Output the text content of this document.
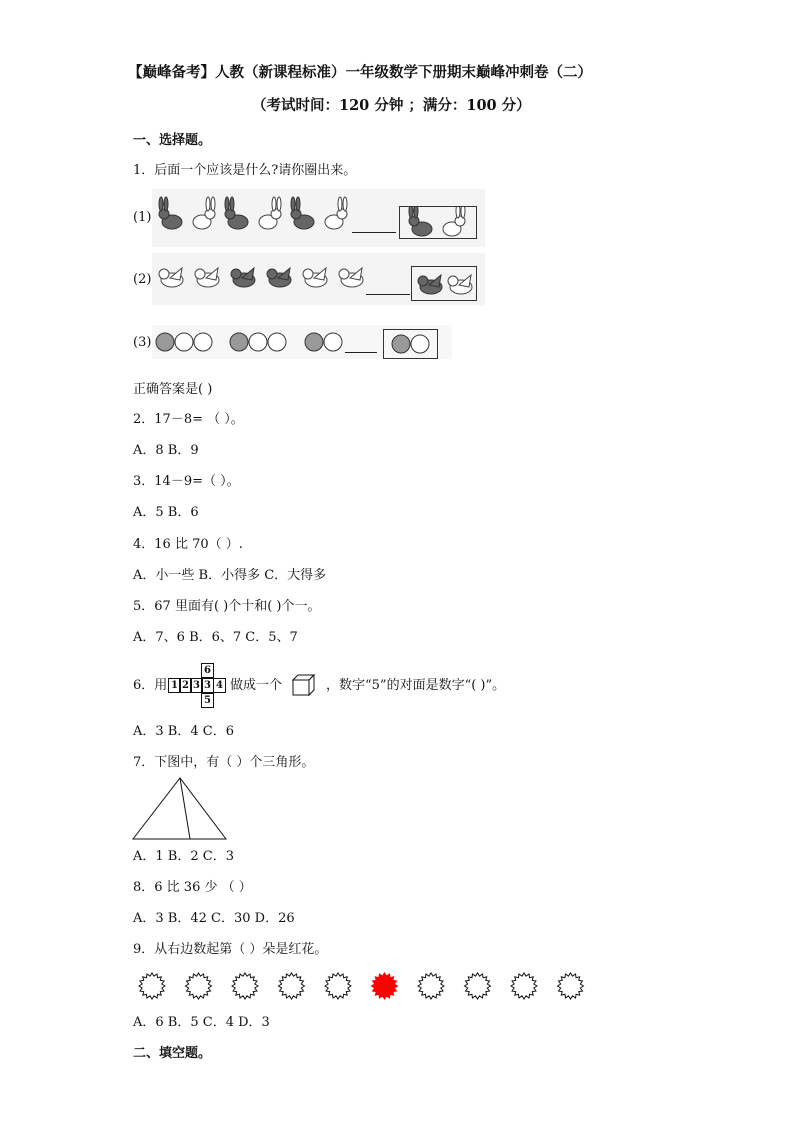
【巅峰备考】人教（新课程标准）一年级数学下册期末巅峰冲刺卷（二）
（考试时间：120 分钟 ；满分：100 分）
一、选择题。
1．后面一个应该是什么?请你圈出来。
(1)
(2)
(3)
正确答案是( )
2．17－8= （ ）。
A．8 B．9
3．14－9=（ ）。
A．5 B．6
4．16 比 70（ ）.
A．小一些 B．小得多 C．大得多
5．67 里面有( )个十和( )个一。
A．7、6 B．6、7 C．5、7
6．用
6
1 2 3 3 4
5
做成一个	，数字“5”的对面是数字“( )”。
A．3 B．4 C．6
7．下图中，有（ ）个三角形。
A．1 B．2 C．3
8．6 比 36 少 （ ）
A．3 B．42 C．30 D．26
9．从右边数起第（ ）朵是红花。
A．6 B．5 C．4 D．3
二、填空题。
